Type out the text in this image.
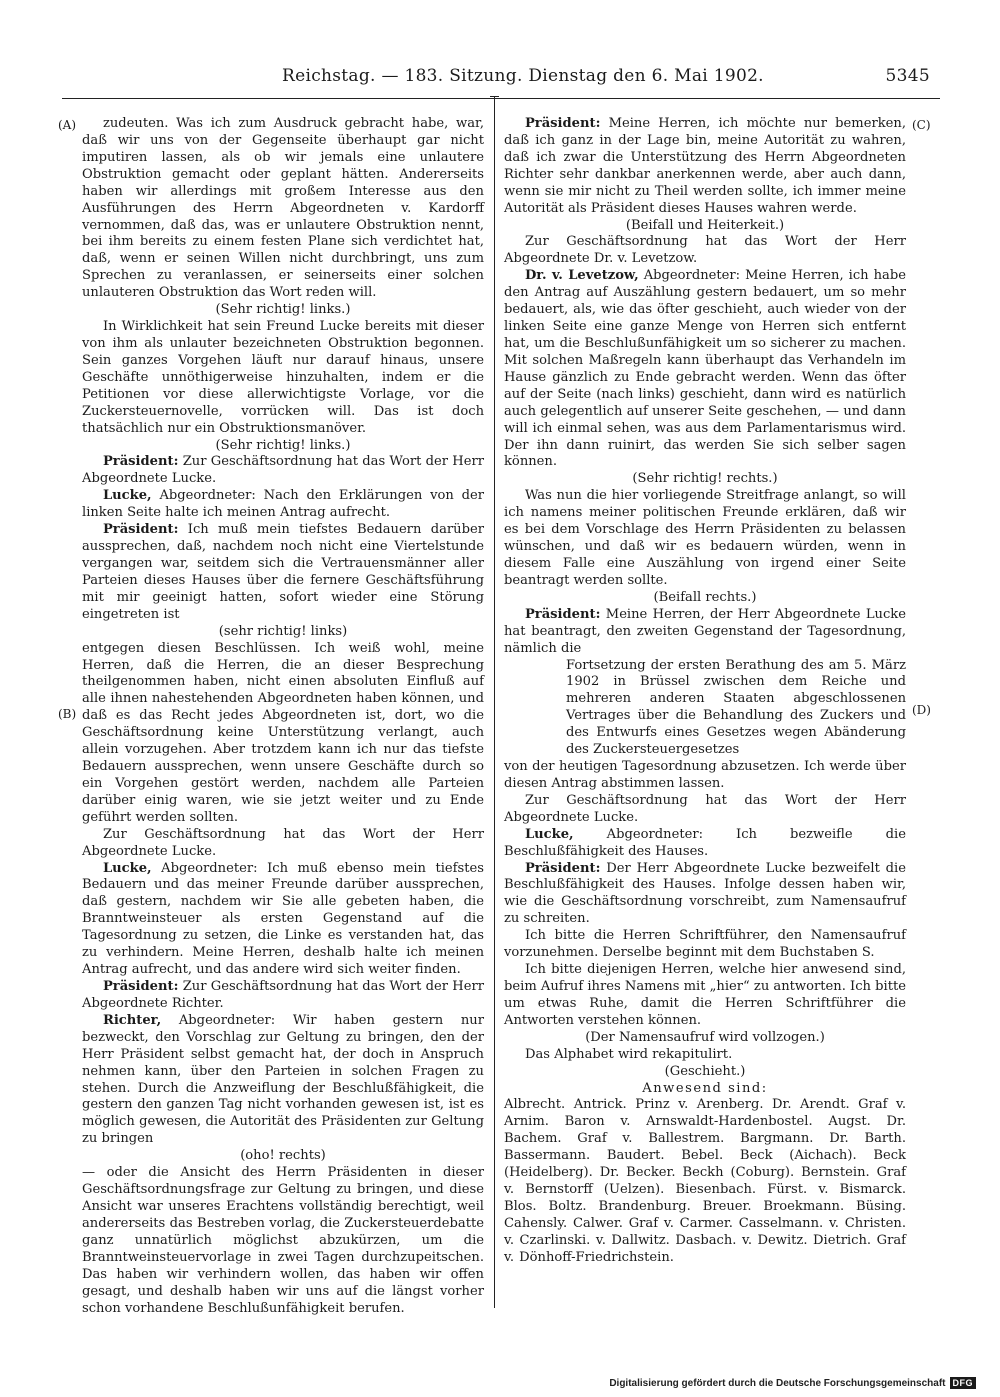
Reichstag. — 183. Sitzung. Dienstag den 6. Mai 1902.	5345
(A)
(B)
(C)
(D)

zudeuten. Was ich zum Ausdruck gebracht habe, war, daß wir uns von der Gegenseite überhaupt gar nicht imputiren lassen, als ob wir jemals eine unlautere Obstruktion gemacht oder geplant hätten. Andererseits haben wir allerdings mit großem Interesse aus den Ausführungen des Herrn Abgeordneten v. Kardorff vernommen, daß das, was er unlautere Obstruktion nennt, bei ihm bereits zu einem festen Plane sich verdichtet hat, daß, wenn er seinen Willen nicht durchbringt, uns zum Sprechen zu veranlassen, er seinerseits einer solchen unlauteren Obstruktion das Wort reden will.

(Sehr richtig! links.)

In Wirklichkeit hat sein Freund Lucke bereits mit dieser von ihm als unlauter bezeichneten Obstruktion begonnen. Sein ganzes Vorgehen läuft nur darauf hinaus, unsere Geschäfte unnöthigerweise hinzuhalten, indem er die Petitionen vor diese allerwichtigste Vorlage, vor die Zuckersteuernovelle, vorrücken will. Das ist doch thatsächlich nur ein Obstruktionsmanöver.

(Sehr richtig! links.)

Präsident: Zur Geschäftsordnung hat das Wort der Herr Abgeordnete Lucke.

Lucke, Abgeordneter: Nach den Erklärungen von der linken Seite halte ich meinen Antrag aufrecht.

Präsident: Ich muß mein tiefstes Bedauern darüber aussprechen, daß, nachdem noch nicht eine Viertelstunde vergangen war, seitdem sich die Vertrauensmänner aller Parteien dieses Hauses über die fernere Geschäftsführung mit mir geeinigt hatten, sofort wieder eine Störung eingetreten ist

(sehr richtig! links)

entgegen diesen Beschlüssen. Ich weiß wohl, meine Herren, daß die Herren, die an dieser Besprechung theilgenommen haben, nicht einen absoluten Einfluß auf alle ihnen nahestehenden Abgeordneten haben können, und daß es das Recht jedes Abgeordneten ist, dort, wo die Geschäftsordnung keine Unterstützung verlangt, auch allein vorzugehen. Aber trotzdem kann ich nur das tiefste Bedauern aussprechen, wenn unsere Geschäfte durch so ein Vorgehen gestört werden, nachdem alle Parteien darüber einig waren, wie sie jetzt weiter und zu Ende geführt werden sollten.

Zur Geschäftsordnung hat das Wort der Herr Abgeordnete Lucke.

Lucke, Abgeordneter: Ich muß ebenso mein tiefstes Bedauern und das meiner Freunde darüber aussprechen, daß gestern, nachdem wir Sie alle gebeten haben, die Branntweinsteuer als ersten Gegenstand auf die Tagesordnung zu setzen, die Linke es verstanden hat, das zu verhindern. Meine Herren, deshalb halte ich meinen Antrag aufrecht, und das andere wird sich weiter finden.

Präsident: Zur Geschäftsordnung hat das Wort der Herr Abgeordnete Richter.

Richter, Abgeordneter: Wir haben gestern nur bezweckt, den Vorschlag zur Geltung zu bringen, den der Herr Präsident selbst gemacht hat, der doch in Anspruch nehmen kann, über den Parteien in solchen Fragen zu stehen. Durch die Anzweiflung der Beschlußfähigkeit, die gestern den ganzen Tag nicht vorhanden gewesen ist, ist es möglich gewesen, die Autorität des Präsidenten zur Geltung zu bringen

(oho! rechts)

— oder die Ansicht des Herrn Präsidenten in dieser Geschäftsordnungsfrage zur Geltung zu bringen, und diese Ansicht war unseres Erachtens vollständig berechtigt, weil andererseits das Bestreben vorlag, die Zuckersteuerdebatte ganz unnatürlich möglichst abzukürzen, um die Branntweinsteuervorlage in zwei Tagen durchzupeitschen. Das haben wir verhindern wollen, das haben wir offen gesagt, und deshalb haben wir uns auf die längst vorher schon vorhandene Beschlußunfähigkeit berufen.

Präsident: Meine Herren, ich möchte nur bemerken, daß ich ganz in der Lage bin, meine Autorität zu wahren, daß ich zwar die Unterstützung des Herrn Abgeordneten Richter sehr dankbar anerkennen werde, aber auch dann, wenn sie mir nicht zu Theil werden sollte, ich immer meine Autorität als Präsident dieses Hauses wahren werde.

(Beifall und Heiterkeit.)

Zur Geschäftsordnung hat das Wort der Herr Abgeordnete Dr. v. Levetzow.

Dr. v. Levetzow, Abgeordneter: Meine Herren, ich habe den Antrag auf Auszählung gestern bedauert, um so mehr bedauert, als, wie das öfter geschieht, auch wieder von der linken Seite eine ganze Menge von Herren sich entfernt hat, um die Beschlußunfähigkeit um so sicherer zu machen. Mit solchen Maßregeln kann überhaupt das Verhandeln im Hause gänzlich zu Ende gebracht werden. Wenn das öfter auf der Seite (nach links) geschieht, dann wird es natürlich auch gelegentlich auf unserer Seite geschehen, — und dann will ich einmal sehen, was aus dem Parlamentarismus wird. Der ihn dann ruinirt, das werden Sie sich selber sagen können.

(Sehr richtig! rechts.)

Was nun die hier vorliegende Streitfrage anlangt, so will ich namens meiner politischen Freunde erklären, daß wir es bei dem Vorschlage des Herrn Präsidenten zu belassen wünschen, und daß wir es bedauern würden, wenn in diesem Falle eine Auszählung von irgend einer Seite beantragt werden sollte.

(Beifall rechts.)

Präsident: Meine Herren, der Herr Abgeordnete Lucke hat beantragt, den zweiten Gegenstand der Tagesordnung, nämlich die

Fortsetzung der ersten Berathung des am 5. März 1902 in Brüssel zwischen dem Reiche und mehreren anderen Staaten abgeschlossenen Vertrages über die Behandlung des Zuckers und des Entwurfs eines Gesetzes wegen Abänderung des Zuckersteuergesetzes

von der heutigen Tagesordnung abzusetzen. Ich werde über diesen Antrag abstimmen lassen.

Zur Geschäftsordnung hat das Wort der Herr Abgeordnete Lucke.

Lucke,	Abgeordneter: Ich bezweifle die Beschlußfähigkeit des Hauses.

Präsident: Der Herr Abgeordnete Lucke bezweifelt die Beschlußfähigkeit des Hauses. Infolge dessen haben wir, wie die Geschäftsordnung vorschreibt, zum Namensaufruf zu schreiten.

Ich bitte die Herren Schriftführer, den Namensaufruf vorzunehmen. Derselbe beginnt mit dem Buchstaben S.

Ich bitte diejenigen Herren, welche hier anwesend sind, beim Aufruf ihres Namens mit „hier“ zu antworten. Ich bitte um etwas Ruhe, damit die Herren Schriftführer die Antworten verstehen können.

(Der Namensaufruf wird vollzogen.)

Das Alphabet wird rekapitulirt.

(Geschieht.)

Anwesend sind:

Albrecht. Antrick. Prinz v. Arenberg. Dr. Arendt. Graf v. Arnim. Baron v. Arnswaldt-Hardenbostel. Augst. Dr. Bachem. Graf v. Ballestrem. Bargmann. Dr. Barth. Bassermann. Baudert. Bebel. Beck (Aichach). Beck (Heidelberg). Dr. Becker. Beckh (Coburg). Bernstein. Graf v. Bernstorff (Uelzen). Biesenbach. Fürst. v. Bismarck. Blos. Boltz. Brandenburg. Breuer. Broekmann. Büsing. Cahensly. Calwer. Graf v. Carmer. Casselmann. v. Christen. v. Czarlinski. v. Dallwitz. Dasbach. v. Dewitz. Dietrich. Graf v. Dönhoff-Friedrichstein.

Digitalisierung gefördert durch die Deutsche Forschungsgemeinschaft DFG
